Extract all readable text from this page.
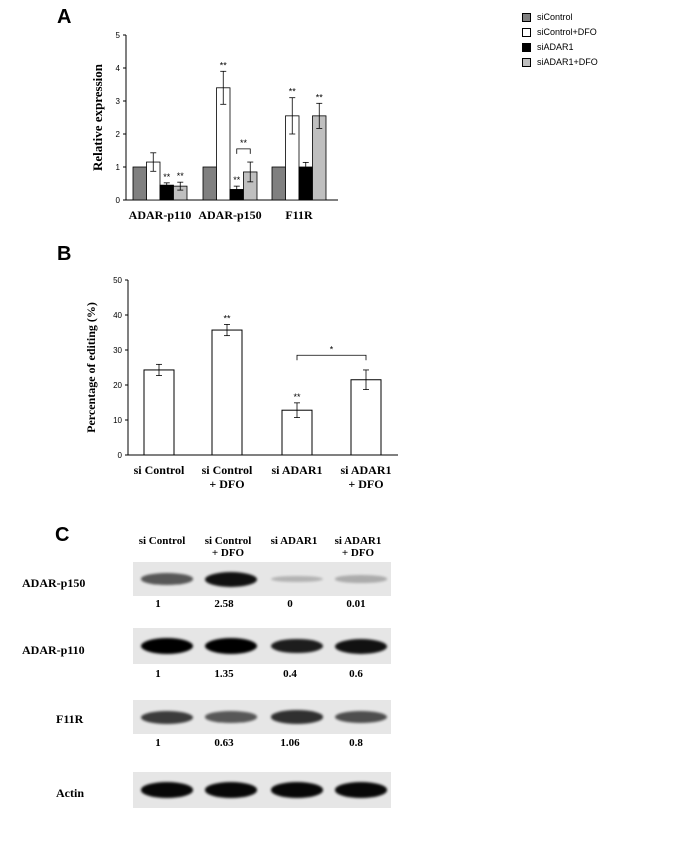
A
B
C
0
1
2
3
4
5
Relative expression
** **
ADAR-p110
**
**
ADAR-p150
**
**
F11R
**
siControl
siControl+DFO
siADAR1
siADAR1+DFO
0
10
20
30
40
50
Percentage of editing (%)
si Control
**
si Control
+ DFO
**
si ADAR1 si ADAR1
+ DFO
*
si Control	si Control
+ DFO
si ADAR1	si ADAR1
+ DFO
ADAR-p150
1	2.58	0	0.01
ADAR-p110
1	1.35	0.4	0.6
F11R
1	0.63	1.06	0.8
Actin
